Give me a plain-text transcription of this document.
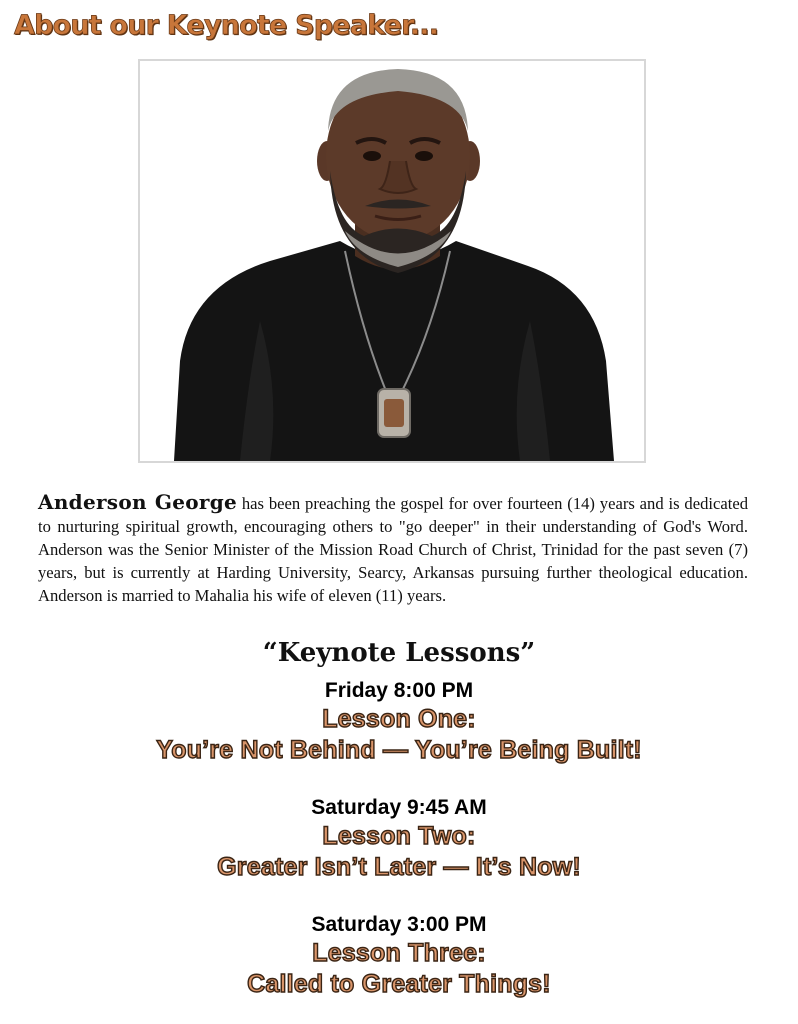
About our Keynote Speaker...

Anderson George has been preaching the gospel for over fourteen (14) years and is dedicated to nurturing spiritual growth, encouraging others to "go deeper" in their understanding of God's Word. Anderson was the Senior Minister of the Mission Road Church of Christ, Trinidad for the past seven (7) years, but is currently at Harding University, Searcy, Arkansas pursuing further theological education. Anderson is married to Mahalia his wife of eleven (11) years.

“Keynote Lessons”
Friday 8:00 PM
Lesson One:
You’re Not Behind — You’re Being Built!
Saturday 9:45 AM
Lesson Two:
Greater Isn’t Later — It’s Now!
Saturday 3:00 PM
Lesson Three:
Called to Greater Things!
